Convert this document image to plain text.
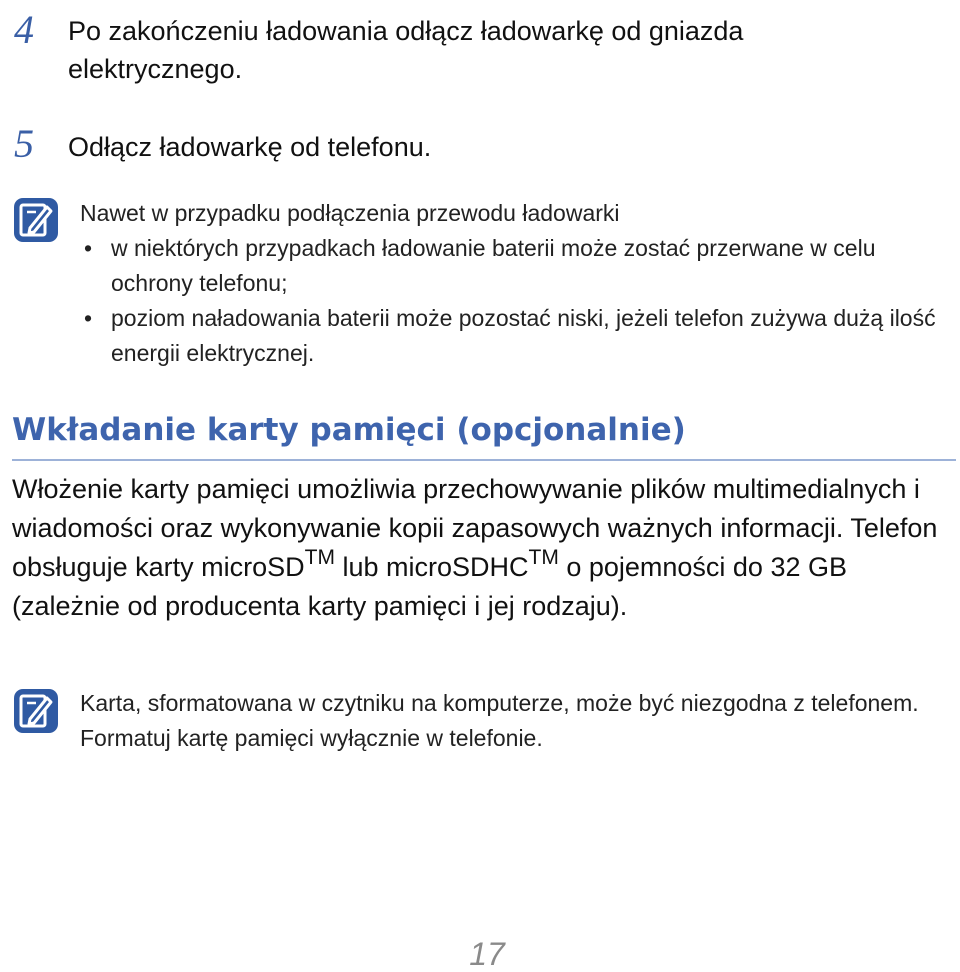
4 Po zakończeniu ładowania odłącz ładowarkę od gniazda elektrycznego.
5 Odłącz ładowarkę od telefonu.
Nawet w przypadku podłączenia przewodu ładowarki
• w niektórych przypadkach ładowanie baterii może zostać przerwane w celu ochrony telefonu;
• poziom naładowania baterii może pozostać niski, jeżeli telefon zużywa dużą ilość energii elektrycznej.
Wkładanie karty pamięci (opcjonalnie)
Włożenie karty pamięci umożliwia przechowywanie plików multimedialnych i wiadomości oraz wykonywanie kopii zapasowych ważnych informacji. Telefon obsługuje karty microSD™ lub microSDHC™ o pojemności do 32 GB (zależnie od producenta karty pamięci i jej rodzaju).
Karta, sformatowana w czytniku na komputerze, może być niezgodna z telefonem. Formatuj kartę pamięci wyłącznie w telefonie.
17
